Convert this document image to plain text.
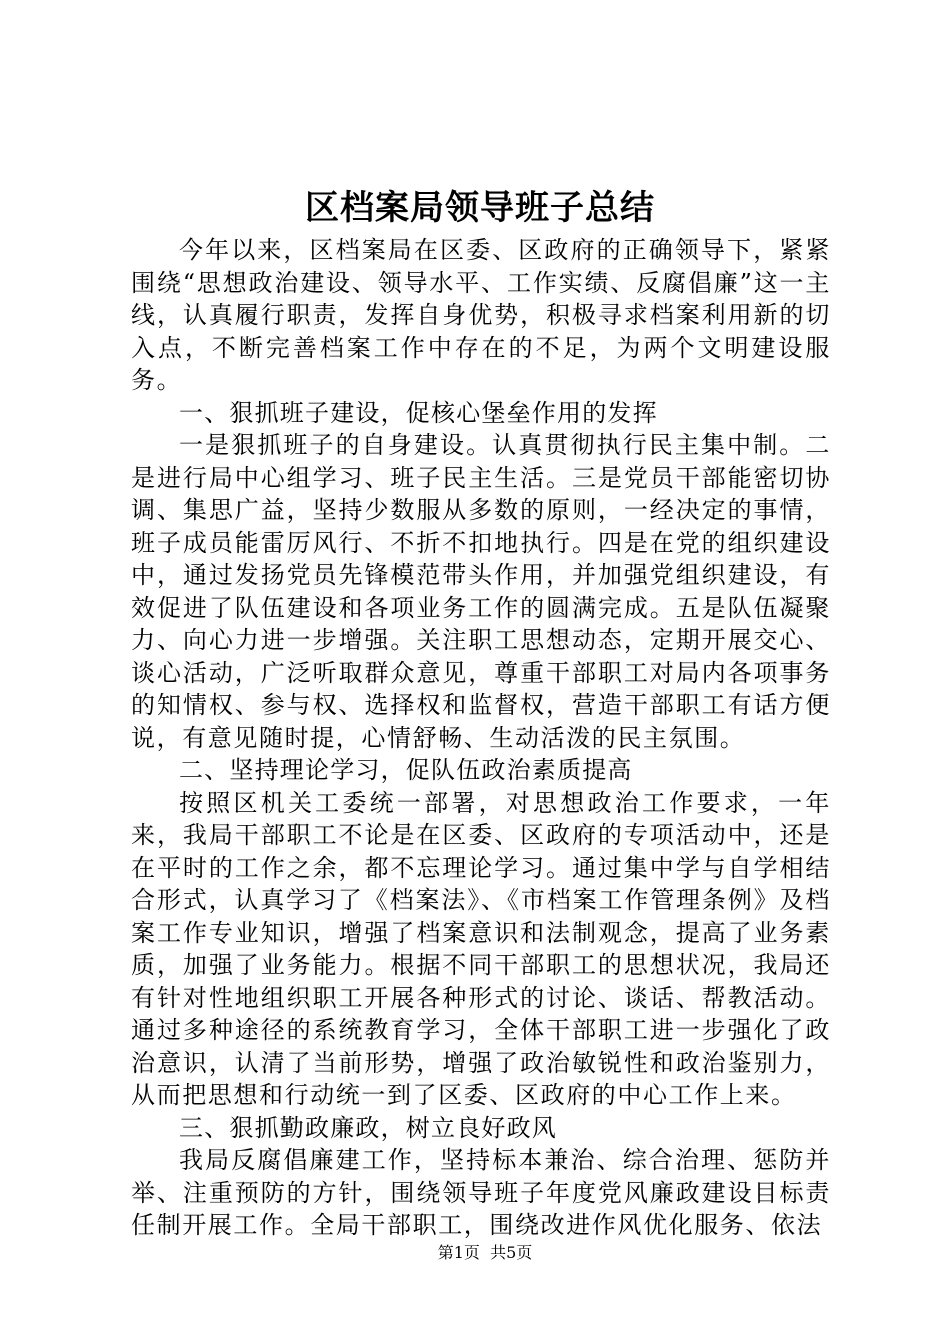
区档案局领导班子总结

今年以来，区档案局在区委、区政府的正确领导下，紧紧围绕“思想政治建设、领导水平、工作实绩、反腐倡廉”这一主线，认真履行职责，发挥自身优势，积极寻求档案利用新的切入点，不断完善档案工作中存在的不足，为两个文明建设服务。

一、狠抓班子建设，促核心堡垒作用的发挥

一是狠抓班子的自身建设。认真贯彻执行民主集中制。二是进行局中心组学习、班子民主生活。三是党员干部能密切协调、集思广益，坚持少数服从多数的原则，一经决定的事情，班子成员能雷厉风行、不折不扣地执行。四是在党的组织建设中，通过发扬党员先锋模范带头作用，并加强党组织建设，有效促进了队伍建设和各项业务工作的圆满完成。五是队伍凝聚力、向心力进一步增强。关注职工思想动态，定期开展交心、谈心活动，广泛听取群众意见，尊重干部职工对局内各项事务的知情权、参与权、选择权和监督权，营造干部职工有话方便说，有意见随时提，心情舒畅、生动活泼的民主氛围。

二、坚持理论学习，促队伍政治素质提高

按照区机关工委统一部署，对思想政治工作要求，一年来，我局干部职工不论是在区委、区政府的专项活动中，还是在平时的工作之余，都不忘理论学习。通过集中学与自学相结合形式，认真学习了《档案法》、《市档案工作管理条例》及档案工作专业知识，增强了档案意识和法制观念，提高了业务素质，加强了业务能力。根据不同干部职工的思想状况，我局还有针对性地组织职工开展各种形式的讨论、谈话、帮教活动。通过多种途径的系统教育学习，全体干部职工进一步强化了政治意识，认清了当前形势，增强了政治敏锐性和政治鉴别力，从而把思想和行动统一到了区委、区政府的中心工作上来。

三、狠抓勤政廉政，树立良好政风

我局反腐倡廉建工作，坚持标本兼治、综合治理、惩防并举、注重预防的方针，围绕领导班子年度党风廉政建设目标责任制开展工作。全局干部职工，围绕改进作风优化服务、依法

第1页 共5页
